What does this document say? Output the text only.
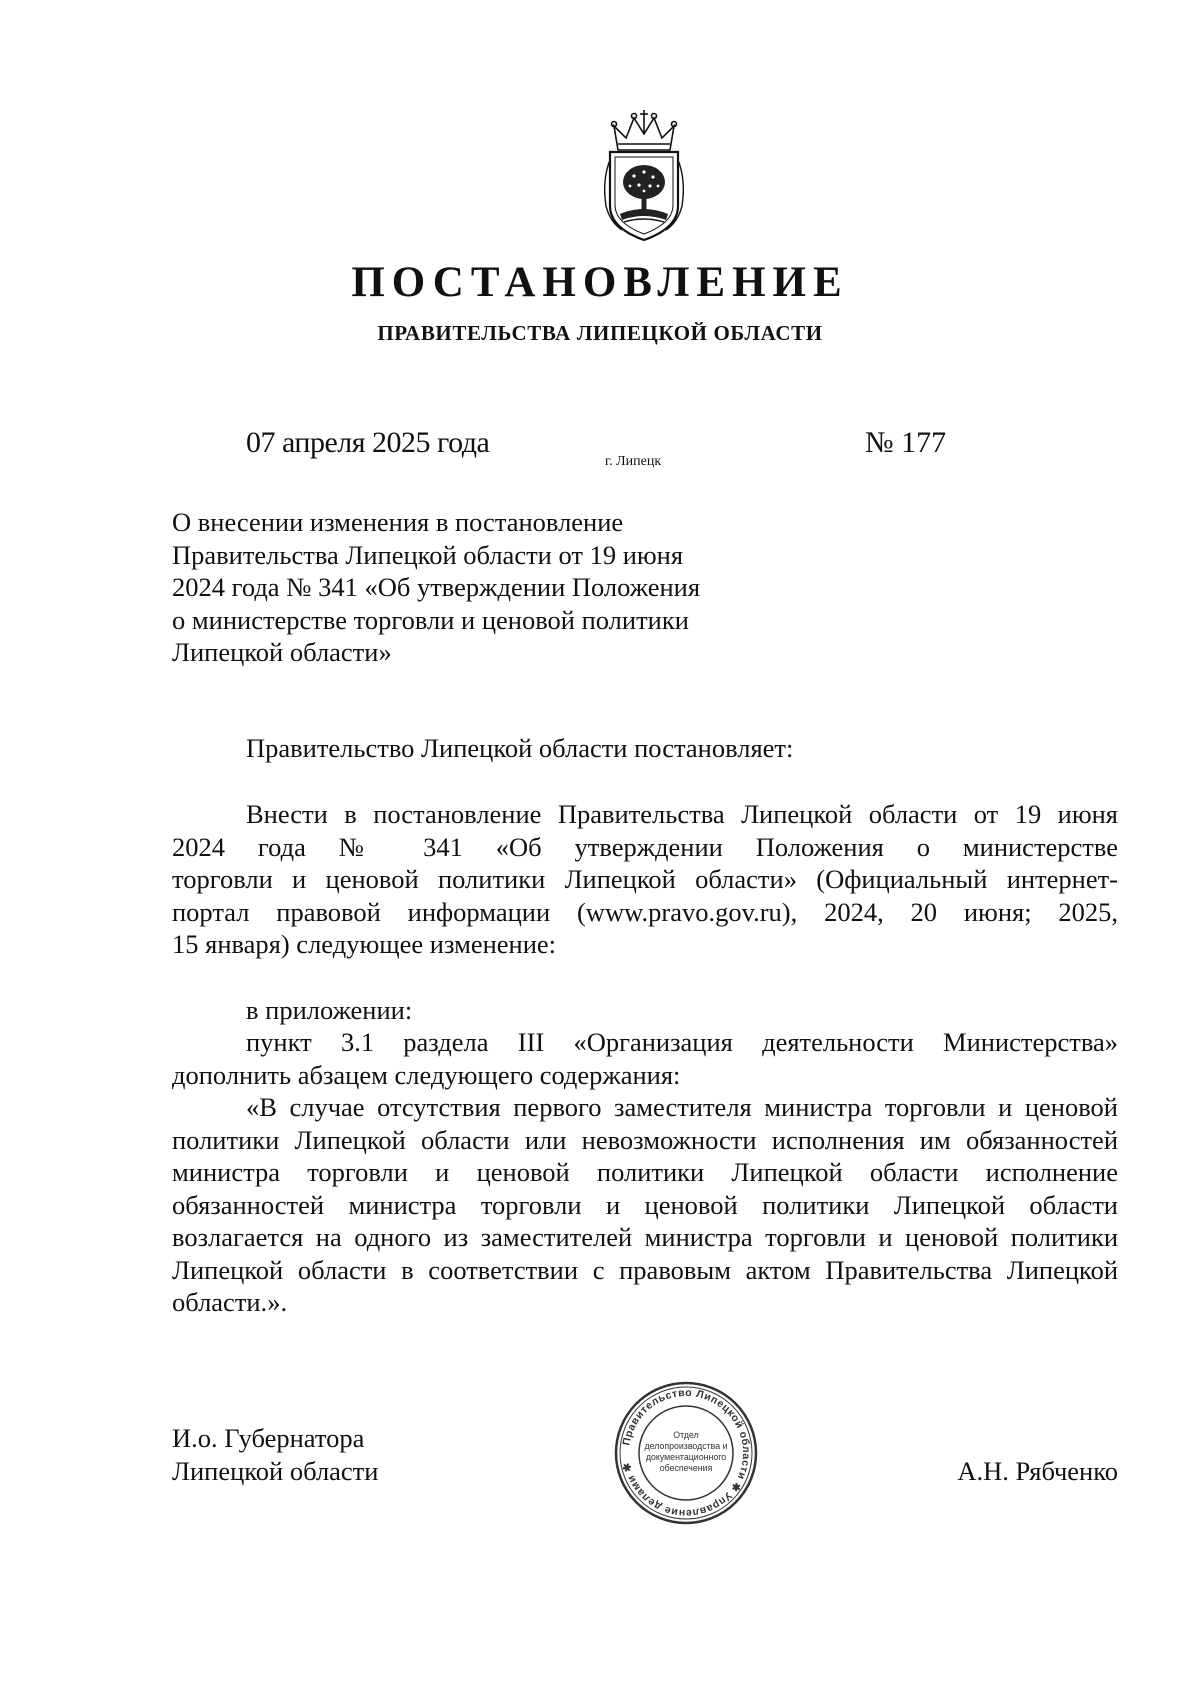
ПОСТАНОВЛЕНИЕ
ПРАВИТЕЛЬСТВА ЛИПЕЦКОЙ ОБЛАСТИ
07 апреля 2025 года
г. Липецк
№ 177
О внесении изменения в постановление
Правительства Липецкой области от 19 июня
2024 года № 341 «Об утверждении Положения
о министерстве торговли и ценовой политики
Липецкой области»
Правительство Липецкой области постановляет:
Внести в постановление Правительства Липецкой области от 19 июня
2024 года № 341 «Об утверждении Положения о министерстве
торговли и ценовой политики Липецкой области» (Официальный интернет-
портал правовой информации (www.pravo.gov.ru), 2024, 20 июня; 2025,
15 января) следующее изменение:
в приложении:
пункт 3.1 раздела III «Организация деятельности Министерства»
дополнить абзацем следующего содержания:
«В случае отсутствия первого заместителя министра торговли и ценовой
политики Липецкой области или невозможности исполнения им обязанностей
министра торговли и ценовой политики Липецкой области исполнение
обязанностей министра торговли и ценовой политики Липецкой области
возлагается на одного из заместителей министра торговли и ценовой политики
Липецкой области в соответствии с правовым актом Правительства Липецкой
области.».
И.о. Губернатора
Липецкой области	А.Н. Рябченко
Правительство Липецкой области ✱ Управление делами ✱
Отдел
делопроизводства и
документационного
обеспечения
